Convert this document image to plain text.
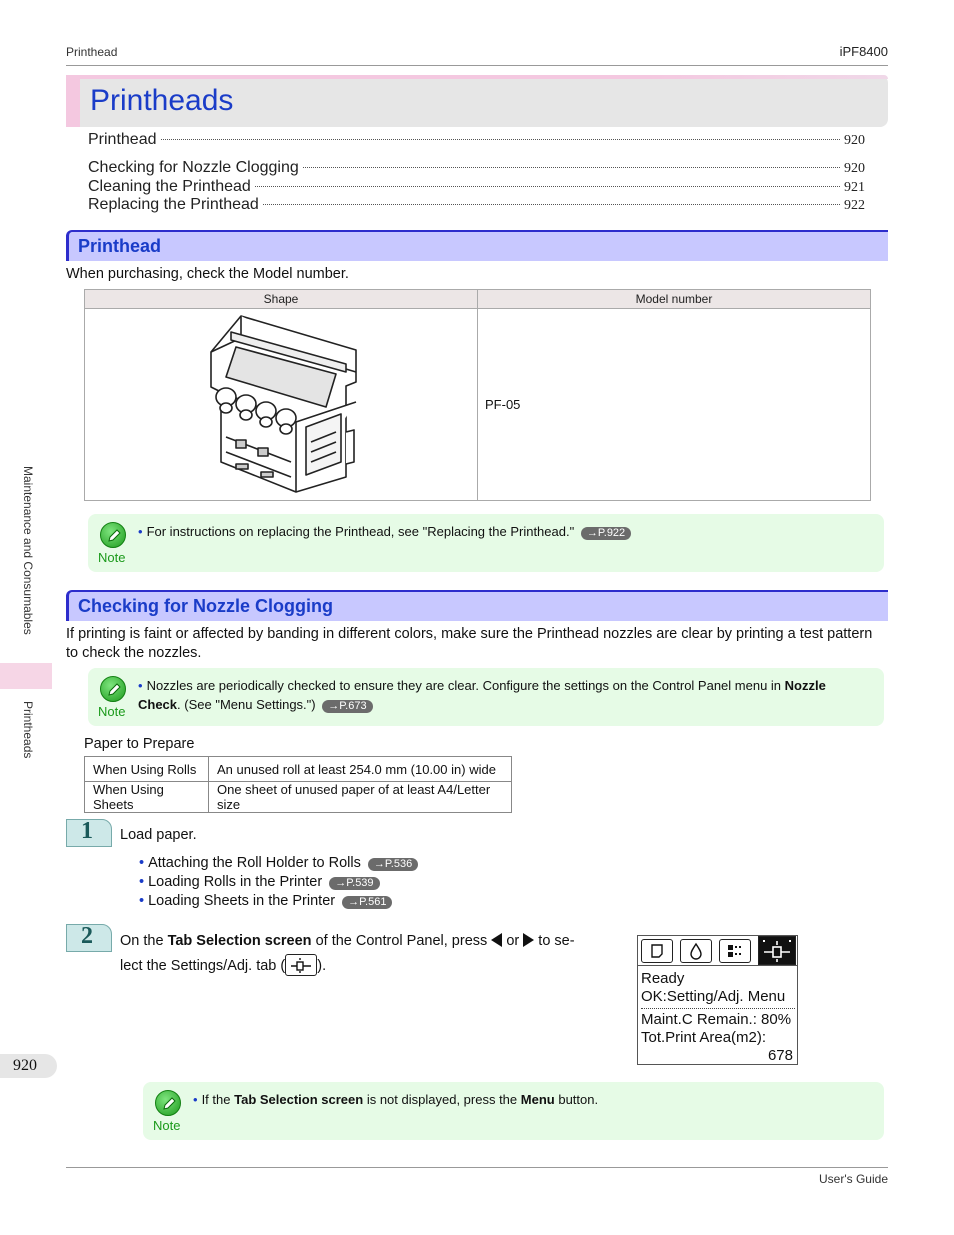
Printhead	iPF8400
Printheads
Printhead	920
Checking for Nozzle Clogging	920
Cleaning the Printhead	921
Replacing the Printhead	922
Printhead
When purchasing, check the Model number.
Shape	Model number
	PF-05
Note
• For instructions on replacing the Printhead, see "Replacing the Printhead." →P.922
Checking for Nozzle Clogging
If printing is faint or affected by banding in different colors, make sure the Printhead nozzles are clear by printing a test pattern to check the nozzles.
Note
• Nozzles are periodically checked to ensure they are clear. Configure the settings on the Control Panel menu in Nozzle Check. (See "Menu Settings.") →P.673
Paper to Prepare
When Using Rolls	An unused roll at least 254.0 mm (10.00 in) wide
When Using Sheets	One sheet of unused paper of at least A4/Letter size
1 Load paper.
• Attaching the Roll Holder to Rolls →P.536
• Loading Rolls in the Printer →P.539
• Loading Sheets in the Printer →P.561
2 On the Tab Selection screen of the Control Panel, press or to se-
lect the Settings/Adj. tab ( ).
Ready
OK:Setting/Adj. Menu
Maint.C Remain.: 80%
Tot.Print Area(m2):
678
Note
• If the Tab Selection screen is not displayed, press the Menu button.
Maintenance and Consumables
Printheads
920
User's Guide
